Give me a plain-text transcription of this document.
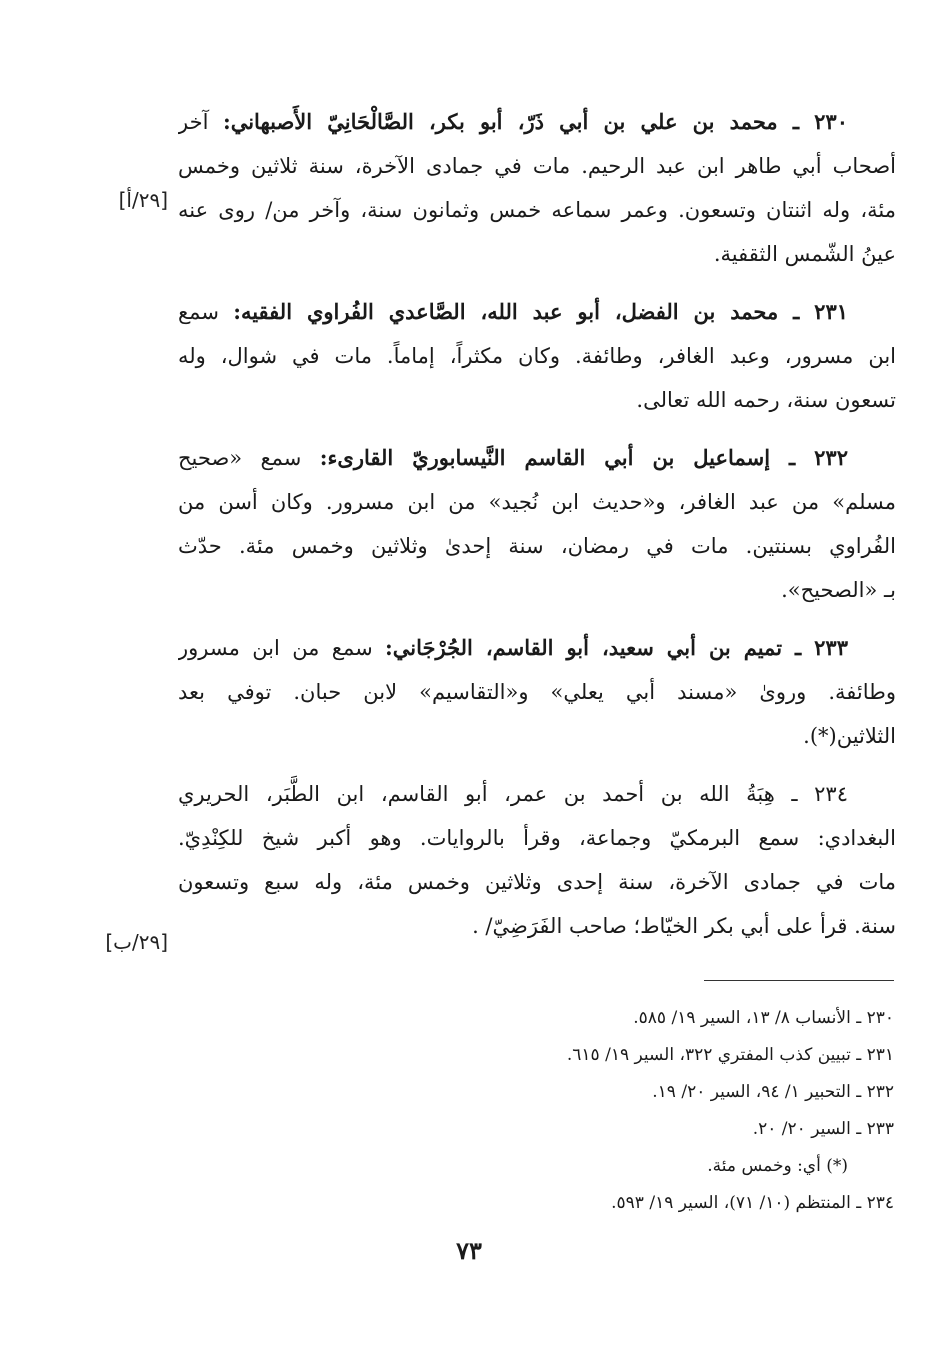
٢٣٠ ـ محمد بن علي بن أبي ذَرّ، أبو بكر، الصَّالْحَانِيّ الأَصبهاني: آخر
أصحاب أبي طاهر ابن عبد الرحيم. مات في جمادى الآخرة، سنة ثلاثين وخمس
مئة، وله اثنتان وتسعون. وعمر سماعه خمس وثمانون سنة، وآخر من/ روى عنه
عينُ الشّمس الثقفية.
٢٣١ ـ محمد بن الفضل، أبو عبد الله، الصَّاعدي الفُراوي الفقيه: سمع
ابن مسرور، وعبد الغافر، وطائفة. وكان مكثراً، إماماً. مات في شوال، وله
تسعون سنة، رحمه الله تعالى.
٢٣٢ ـ إسماعيل بن أبي القاسم النَّيسابوريّ القارىء: سمع «صحيح
مسلم» من عبد الغافر، و«حديث ابن نُجيد» من ابن مسرور. وكان أسن من
الفُراوي بسنتين. مات في رمضان، سنة إحدىٰ وثلاثين وخمس مئة. حدّث
بـ «الصحيح».
٢٣٣ ـ تميم بن أبي سعيد، أبو القاسم، الجُرْجَاني: سمع من ابن مسرور
وطائفة. ورویٰ «مسند أبي يعلي» و«التقاسيم» لابن حبان. توفي بعد
الثلاثين(*).
٢٣٤ ـ هِبَةُ الله بن أحمد بن عمر، أبو القاسم، ابن الطَّبَر، الحريري
البغدادي: سمع البرمكيّ وجماعة، وقرأ بالروايات. وهو أكبر شيخ للكِنْدِيّ.
مات في جمادى الآخرة، سنة إحدى وثلاثين وخمس مئة، وله سبع وتسعون
سنة. قرأ على أبي بكر الخيّاط؛ صاحب الفَرَضِيّ/ .
[٢٩/أ]
[٢٩/ب]
٢٣٠ ـ الأنساب ٨/ ١٣، السير ١٩/ ٥٨٥.
٢٣١ ـ تبيين كذب المفتري ٣٢٢، السير ١٩/ ٦١٥.
٢٣٢ ـ التحبير ١/ ٩٤، السير ٢٠/ ١٩.
٢٣٣ ـ السير ٢٠/ ٢٠.
(*) أي: وخمس مئة.
٢٣٤ ـ المنتظم (١٠/ ٧١)، السير ١٩/ ٥٩٣.
٧٣
